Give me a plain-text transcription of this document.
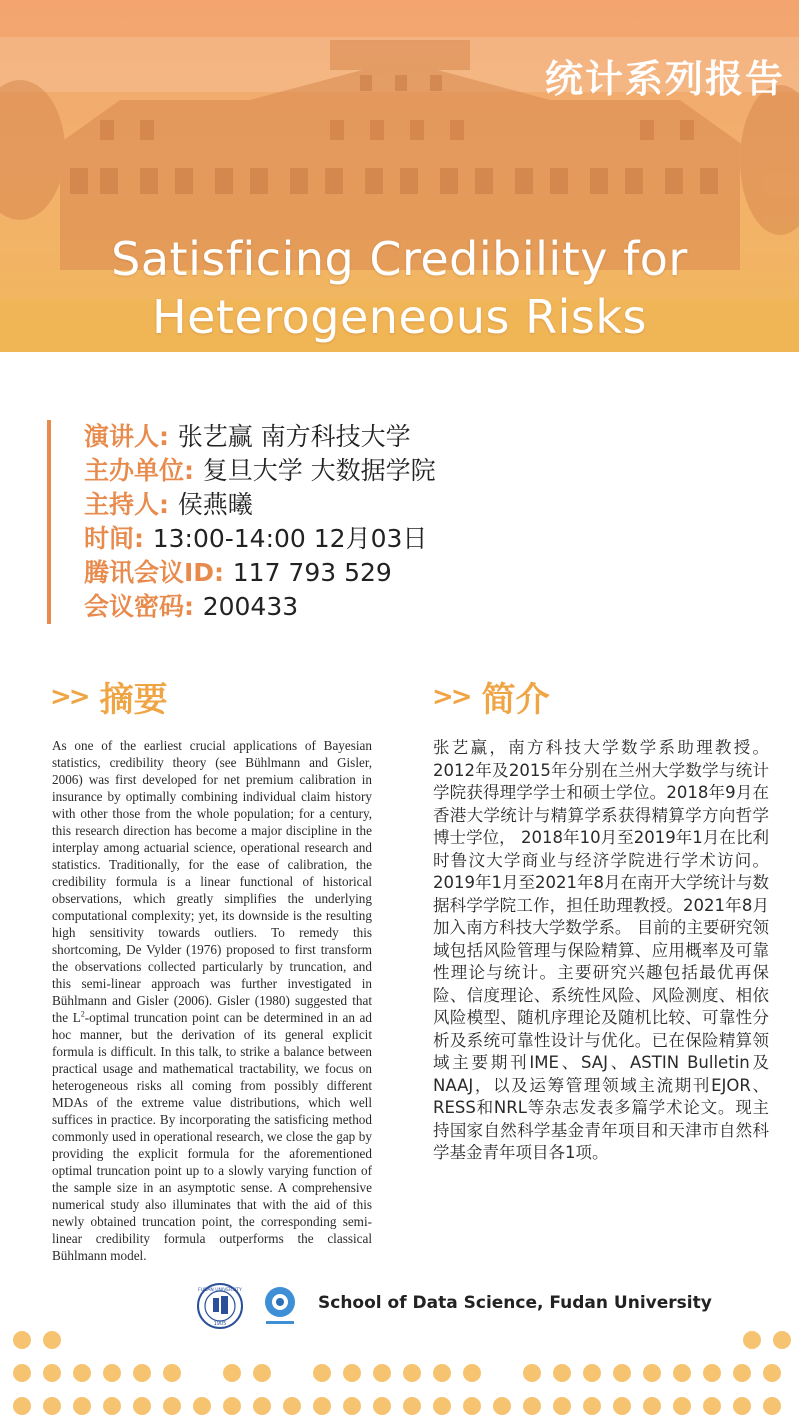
统计系列报告
Satisficing Credibility for
Heterogeneous Risks
演讲人: 张艺赢 南方科技大学
主办单位: 复旦大学 大数据学院
主持人: 侯燕曦
时间: 13:00-14:00 12月03日
腾讯会议ID: 117 793 529
会议密码: 200433
>> 摘要	>> 简介
As one of the earliest crucial applications of Bayesian statistics, credibility theory (see Bühlmann and Gisler, 2006) was first developed for net premium calibration in insurance by optimally combining individual claim history with other those from the whole population; for a century, this research direction has become a major discipline in the interplay among actuarial science, operational research and statistics. Traditionally, for the ease of calibration, the credibility formula is a linear functional of historical observations, which greatly simplifies the underlying computational complexity; yet, its downside is the resulting high sensitivity towards outliers. To remedy this shortcoming, De Vylder (1976) proposed to first transform the observations collected particularly by truncation, and this semi-linear approach was further investigated in Bühlmann and Gisler (2006). Gisler (1980) suggested that the $L^2$-optimal truncation point can be determined in an ad hoc manner, but the derivation of its general explicit formula is difficult. In this talk, to strike a balance between practical usage and mathematical tractability, we focus on heterogeneous risks all coming from possibly different MDAs of the extreme value distributions, which well suffices in practice. By incorporating the satisficing method commonly used in operational research, we close the gap by providing the explicit formula for the aforementioned optimal truncation point up to a slowly varying function of the sample size in an asymptotic sense. A comprehensive numerical study also illuminates that with the aid of this newly obtained truncation point, the corresponding semi-linear credibility formula outperforms the classical Bühlmann model.
张艺赢，南方科技大学数学系助理教授。2012年及2015年分别在兰州大学数学与统计学院获得理学学士和硕士学位。2018年9月在香港大学统计与精算学系获得精算学方向哲学博士学位， 2018年10月至2019年1月在比利时鲁汶大学商业与经济学院进行学术访问。2019年1月至2021年8月在南开大学统计与数据科学学院工作，担任助理教授。2021年8月加入南方科技大学数学系。 目前的主要研究领域包括风险管理与保险精算、应用概率及可靠性理论与统计。主要研究兴趣包括最优再保险、信度理论、系统性风险、风险测度、相依风险模型、随机序理论及随机比较、可靠性分析及系统可靠性设计与优化。已在保险精算领域主要期刊IME、SAJ、ASTIN Bulletin及NAAJ，以及运筹管理领域主流期刊EJOR、RESS和NRL等杂志发表多篇学术论文。现主持国家自然科学基金青年项目和天津市自然科学基金青年项目各1项。
FUDAN UNIVERSITY
1905
School of Data Science, Fudan University
